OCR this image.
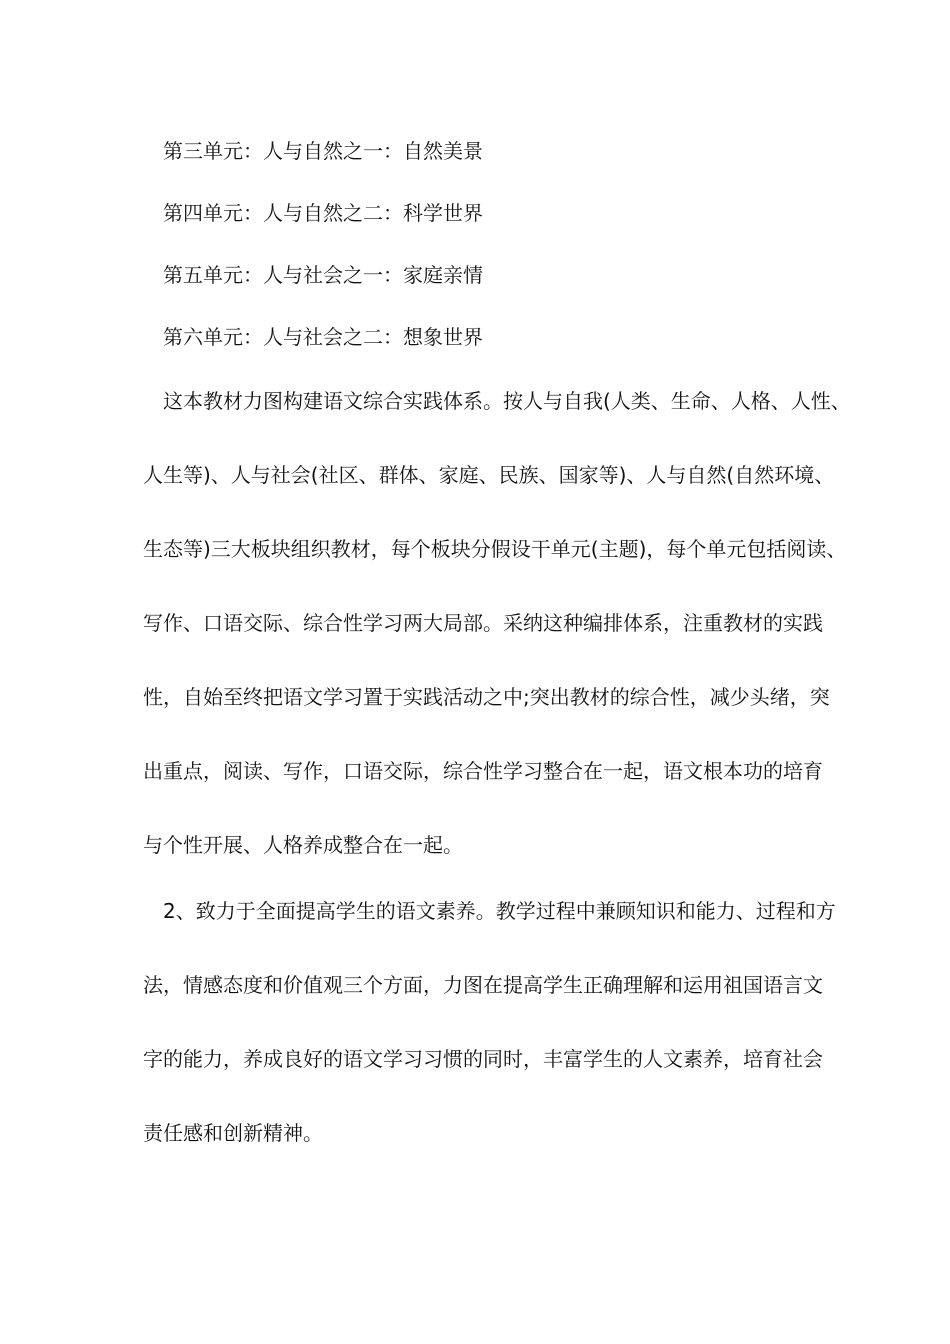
第三单元：人与自然之一：自然美景
第四单元：人与自然之二：科学世界
第五单元：人与社会之一：家庭亲情
第六单元：人与社会之二：想象世界
这本教材力图构建语文综合实践体系。按人与自我(人类、生命、人格、人性、
人生等)、人与社会(社区、群体、家庭、民族、国家等)、人与自然(自然环境、
生态等)三大板块组织教材，每个板块分假设干单元(主题)，每个单元包括阅读、
写作、口语交际、综合性学习两大局部。采纳这种编排体系，注重教材的实践
性，自始至终把语文学习置于实践活动之中;突出教材的综合性，减少头绪，突
出重点，阅读、写作，口语交际，综合性学习整合在一起，语文根本功的培育
与个性开展、人格养成整合在一起。
2、致力于全面提高学生的语文素养。教学过程中兼顾知识和能力、过程和方
法，情感态度和价值观三个方面，力图在提高学生正确理解和运用祖国语言文
字的能力，养成良好的语文学习习惯的同时，丰富学生的人文素养，培育社会
责任感和创新精神。
